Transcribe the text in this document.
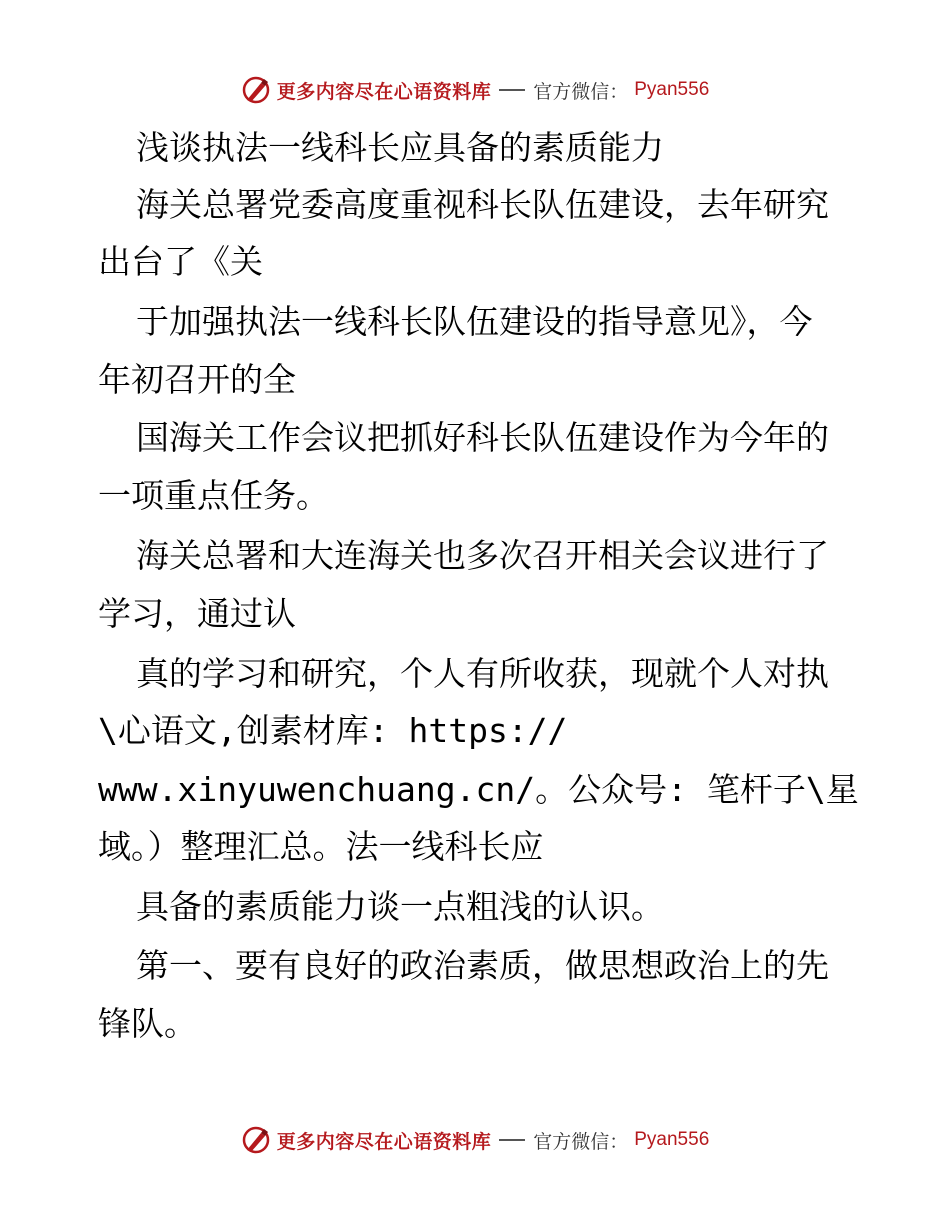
更多内容尽在心语资料库 官方微信： Pyan556
浅谈执法一线科长应具备的素质能力
海关总署党委高度重视科长队伍建设，去年研究
出台了《关
于加强执法一线科长队伍建设的指导意见》，今
年初召开的全
国海关工作会议把抓好科长队伍建设作为今年的
一项重点任务。
海关总署和大连海关也多次召开相关会议进行了
学习，通过认
真的学习和研究，个人有所收获，现就个人对执
\心语文,创素材库: https://
www.xinyuwenchuang.cn/。公众号: 笔杆子\星
域。）整理汇总。法一线科长应
具备的素质能力谈一点粗浅的认识。
第一、要有良好的政治素质，做思想政治上的先
锋队。
更多内容尽在心语资料库 官方微信： Pyan556
